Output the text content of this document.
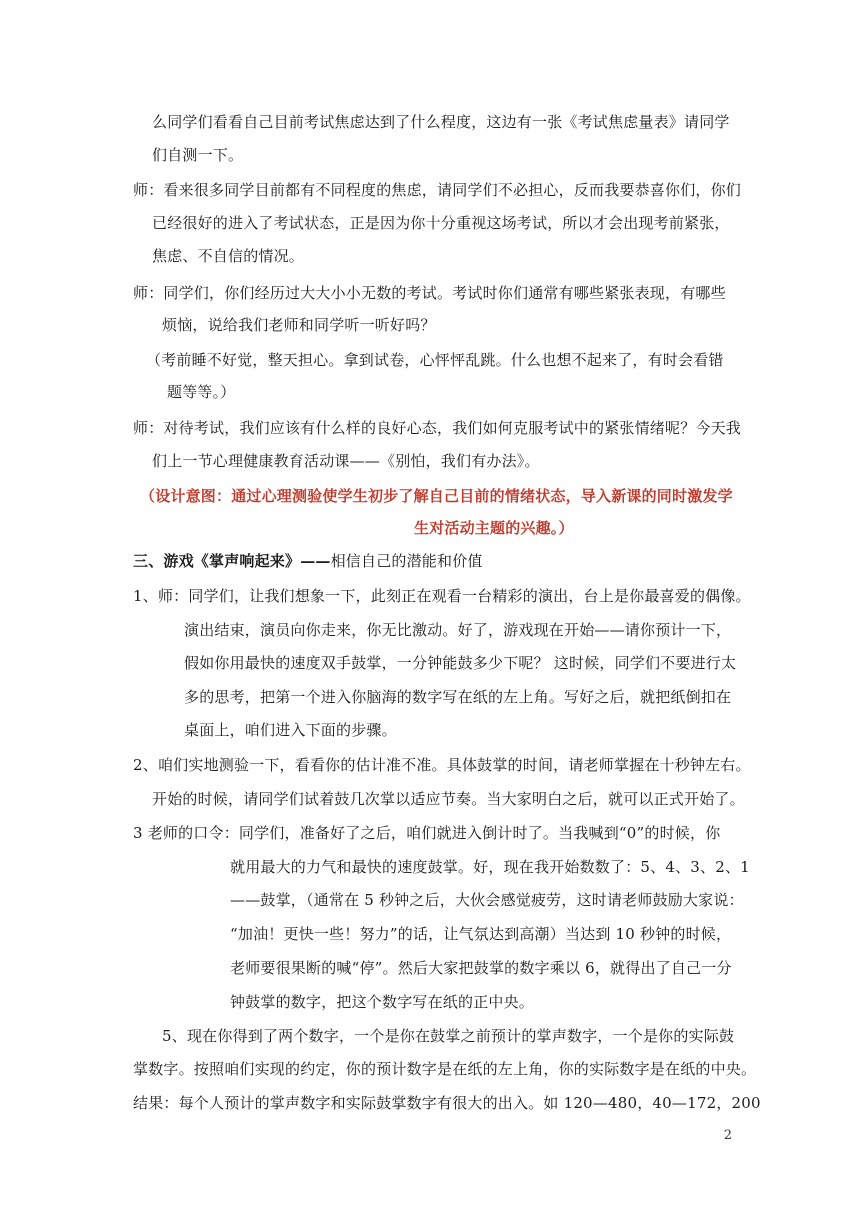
么同学们看看自己目前考试焦虑达到了什么程度，这边有一张《考试焦虑量表》请同学
们自测一下。
师：看来很多同学目前都有不同程度的焦虑，请同学们不必担心，反而我要恭喜你们，你们
已经很好的进入了考试状态，正是因为你十分重视这场考试，所以才会出现考前紧张，
焦虑、不自信的情况。
师：同学们，你们经历过大大小小无数的考试。考试时你们通常有哪些紧张表现，有哪些
烦恼，说给我们老师和同学听一听好吗？
（考前睡不好觉，整天担心。拿到试卷，心怦怦乱跳。什么也想不起来了，有时会看错
题等等。）
师：对待考试，我们应该有什么样的良好心态，我们如何克服考试中的紧张情绪呢？今天我
们上一节心理健康教育活动课——《别怕，我们有办法》。
（设计意图：通过心理测验使学生初步了解自己目前的情绪状态，导入新课的同时激发学
生对活动主题的兴趣。）
三、游戏《掌声响起来》——相信自己的潜能和价值
1、师：同学们，让我们想象一下，此刻正在观看一台精彩的演出，台上是你最喜爱的偶像。
演出结束，演员向你走来，你无比激动。好了，游戏现在开始——请你预计一下，
假如你用最快的速度双手鼓掌，一分钟能鼓多少下呢？ 这时候，同学们不要进行太
多的思考，把第一个进入你脑海的数字写在纸的左上角。写好之后，就把纸倒扣在
桌面上，咱们进入下面的步骤。
2、咱们实地测验一下，看看你的估计准不准。具体鼓掌的时间，请老师掌握在十秒钟左右。
开始的时候，请同学们试着鼓几次掌以适应节奏。当大家明白之后，就可以正式开始了。
3 老师的口令：同学们，准备好了之后，咱们就进入倒计时了。当我喊到“0”的时候，你
就用最大的力气和最快的速度鼓掌。好，现在我开始数数了：5、4、3、2、1
——鼓掌，（通常在 5 秒钟之后，大伙会感觉疲劳，这时请老师鼓励大家说：
“加油！更快一些！努力”的话，让气氛达到高潮）当达到 10 秒钟的时候，
老师要很果断的喊“停”。然后大家把鼓掌的数字乘以 6，就得出了自己一分
钟鼓掌的数字，把这个数字写在纸的正中央。
5、现在你得到了两个数字，一个是你在鼓掌之前预计的掌声数字，一个是你的实际鼓
掌数字。按照咱们实现的约定，你的预计数字是在纸的左上角，你的实际数字是在纸的中央。
结果：每个人预计的掌声数字和实际鼓掌数字有很大的出入。如 120—480，40—172，200
2
